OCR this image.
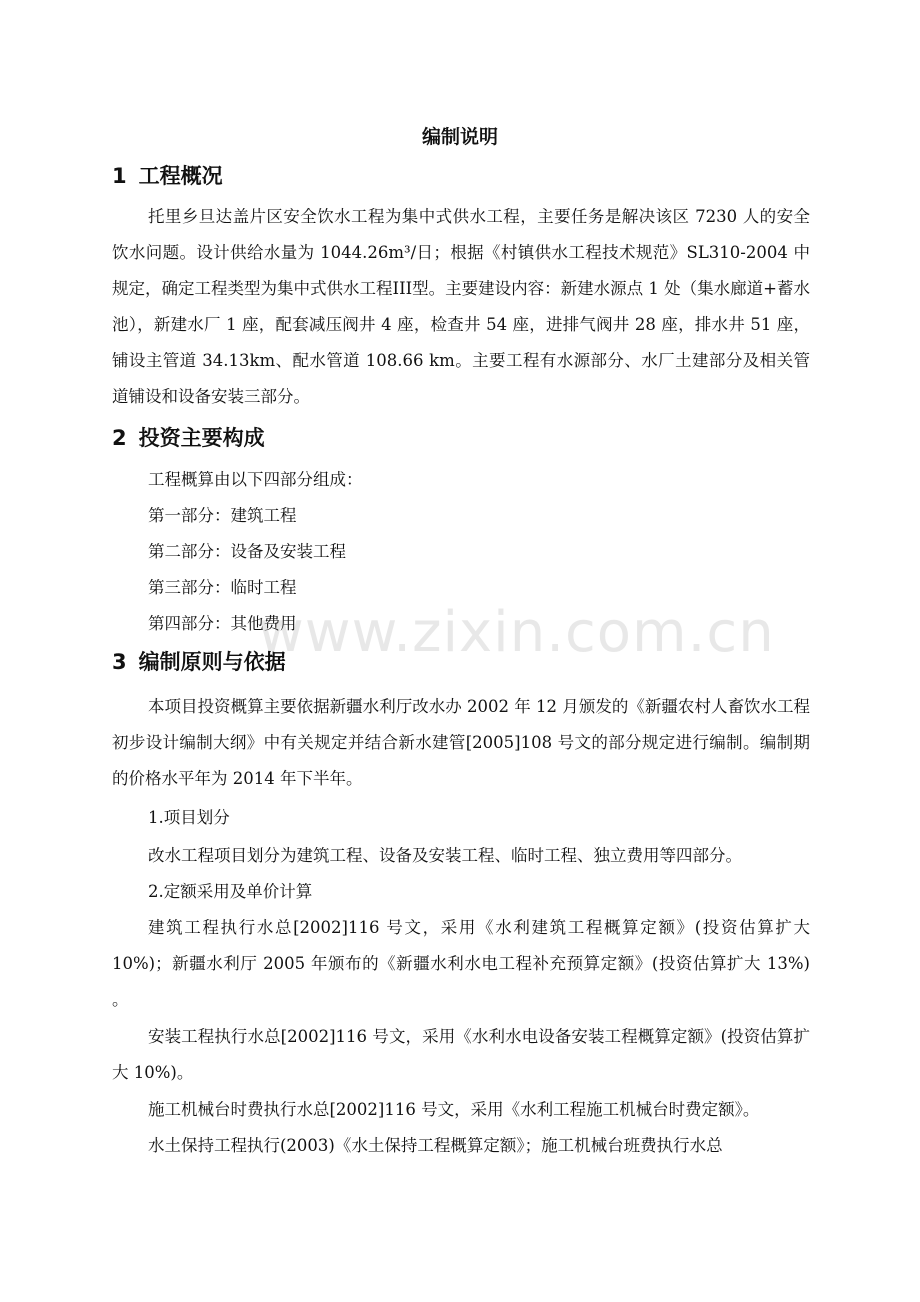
编制说明
1 工程概况

托里乡旦达盖片区安全饮水工程为集中式供水工程，主要任务是解决该区 7230 人的安全饮水问题。设计供给水量为 1044.26m³/日；根据《村镇供水工程技术规范》SL310-2004 中规定，确定工程类型为集中式供水工程III型。主要建设内容：新建水源点 1 处（集水廊道+蓄水池），新建水厂 1 座，配套减压阀井 4 座，检查井 54 座，进排气阀井 28 座，排水井 51 座，铺设主管道 34.13km、配水管道 108.66 km。主要工程有水源部分、水厂土建部分及相关管道铺设和设备安装三部分。

2 投资主要构成

工程概算由以下四部分组成：

第一部分：建筑工程

第二部分：设备及安装工程

第三部分：临时工程

第四部分：其他费用

3 编制原则与依据

本项目投资概算主要依据新疆水利厅改水办 2002 年 12 月颁发的《新疆农村人畜饮水工程初步设计编制大纲》中有关规定并结合新水建管[2005]108 号文的部分规定进行编制。编制期的价格水平年为 2014 年下半年。

1.项目划分

改水工程项目划分为建筑工程、设备及安装工程、临时工程、独立费用等四部分。

2.定额采用及单价计算

建筑工程执行水总[2002]116 号文，采用《水利建筑工程概算定额》(投资估算扩大 10%)；新疆水利厅 2005 年颁布的《新疆水利水电工程补充预算定额》(投资估算扩大 13%) 。

安装工程执行水总[2002]116 号文，采用《水利水电设备安装工程概算定额》(投资估算扩大 10%)。

施工机械台时费执行水总[2002]116 号文，采用《水利工程施工机械台时费定额》。

水土保持工程执行(2003)《水土保持工程概算定额》；施工机械台班费执行水总

www.zixin.com.cn
